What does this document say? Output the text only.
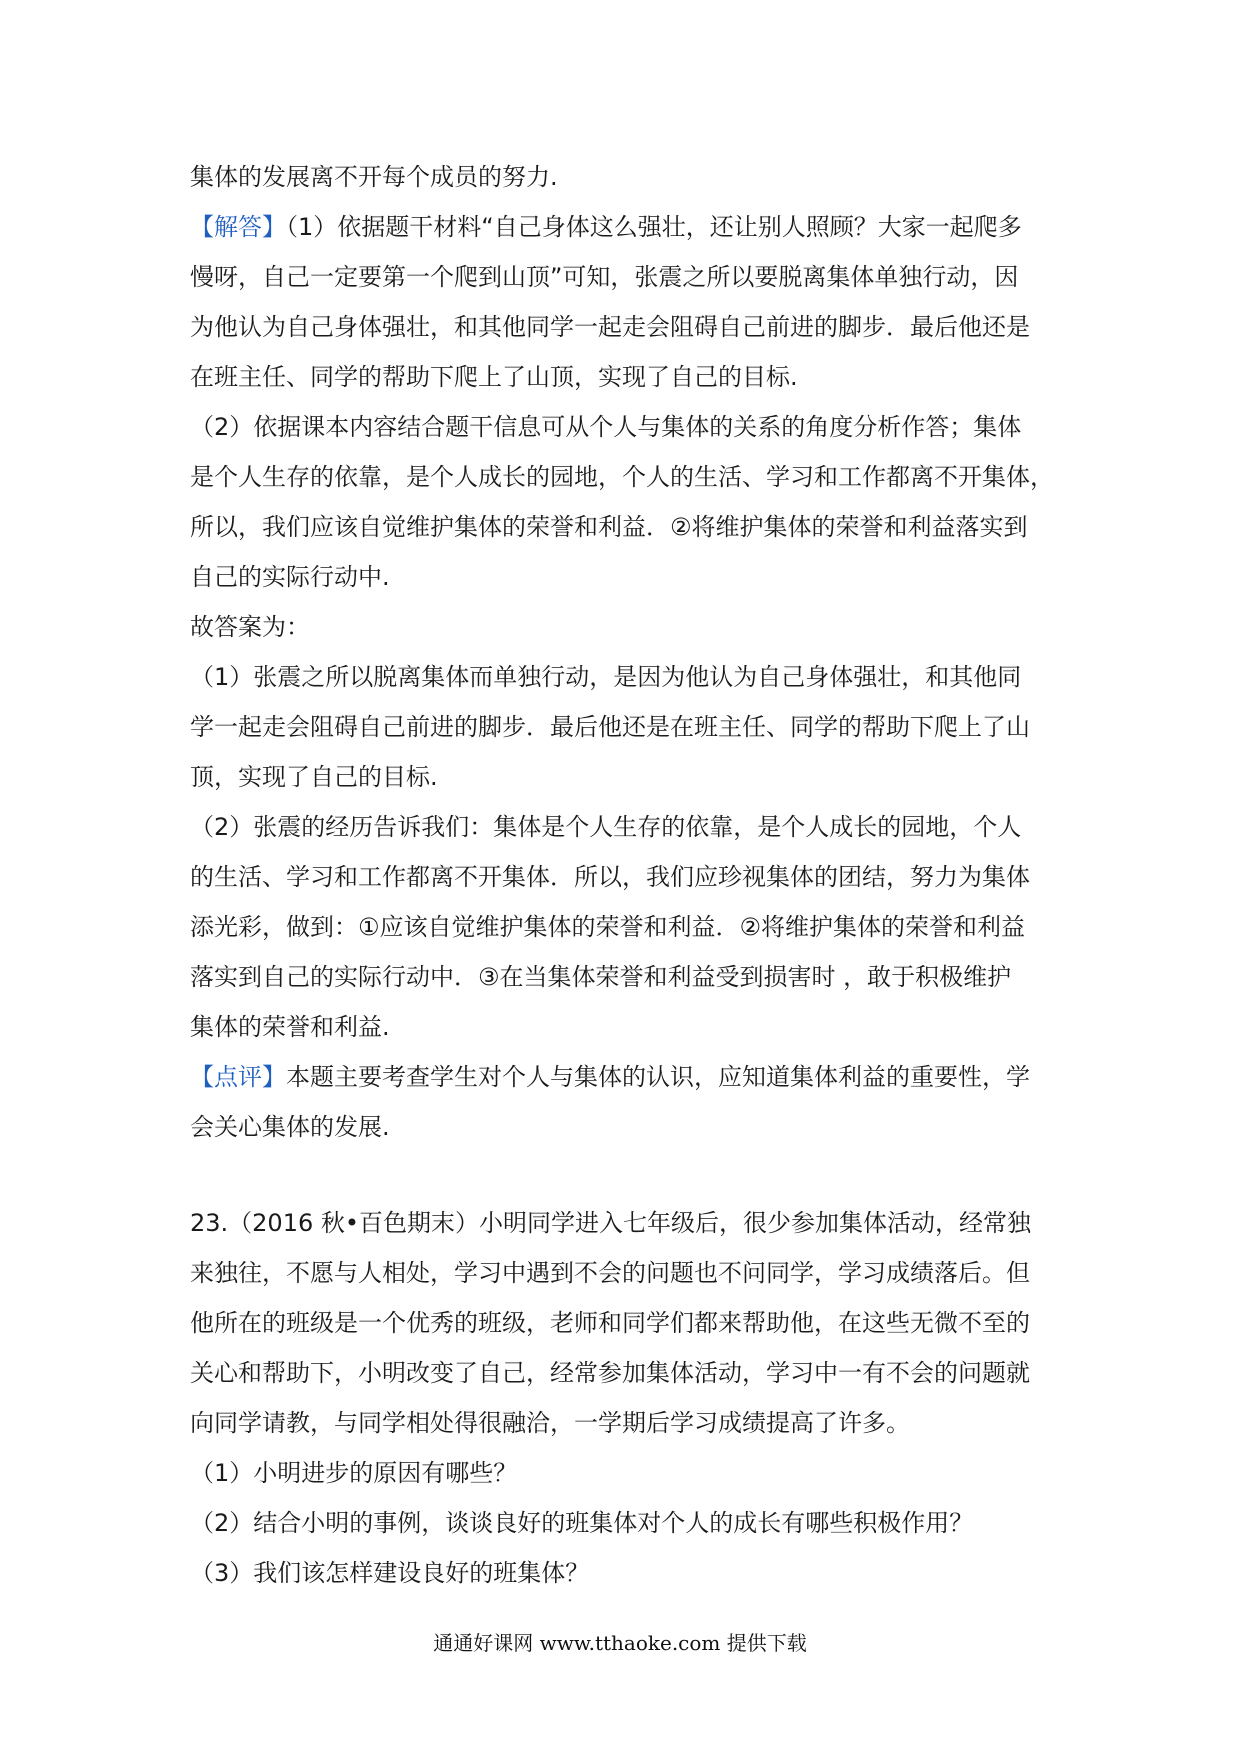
集体的发展离不开每个成员的努力.
【解答】（1）依据题干材料“自己身体这么强壮，还让别人照顾？大家一起爬多
慢呀，自己一定要第一个爬到山顶”可知，张震之所以要脱离集体单独行动，因
为他认为自己身体强壮，和其他同学一起走会阻碍自己前进的脚步．最后他还是
在班主任、同学的帮助下爬上了山顶，实现了自己的目标.
（2）依据课本内容结合题干信息可从个人与集体的关系的角度分析作答；集体
是个人生存的依靠，是个人成长的园地，个人的生活、学习和工作都离不开集体，
所以，我们应该自觉维护集体的荣誉和利益．②将维护集体的荣誉和利益落实到
自己的实际行动中.
故答案为：
（1）张震之所以脱离集体而单独行动，是因为他认为自己身体强壮，和其他同
学一起走会阻碍自己前进的脚步．最后他还是在班主任、同学的帮助下爬上了山
顶，实现了自己的目标.
（2）张震的经历告诉我们：集体是个人生存的依靠，是个人成长的园地，个人
的生活、学习和工作都离不开集体．所以，我们应珍视集体的团结，努力为集体
添光彩，做到：①应该自觉维护集体的荣誉和利益．②将维护集体的荣誉和利益
落实到自己的实际行动中．③在当集体荣誉和利益受到损害时 ，敢于积极维护
集体的荣誉和利益.
【点评】本题主要考查学生对个人与集体的认识，应知道集体利益的重要性，学
会关心集体的发展.
23.（2016 秋•百色期末）小明同学进入七年级后，很少参加集体活动，经常独
来独往，不愿与人相处，学习中遇到不会的问题也不问同学，学习成绩落后。但
他所在的班级是一个优秀的班级，老师和同学们都来帮助他，在这些无微不至的
关心和帮助下，小明改变了自己，经常参加集体活动，学习中一有不会的问题就
向同学请教，与同学相处得很融洽，一学期后学习成绩提高了许多。
（1）小明进步的原因有哪些？
（2）结合小明的事例，谈谈良好的班集体对个人的成长有哪些积极作用？
（3）我们该怎样建设良好的班集体？
通通好课网 www.tthaoke.com 提供下载
